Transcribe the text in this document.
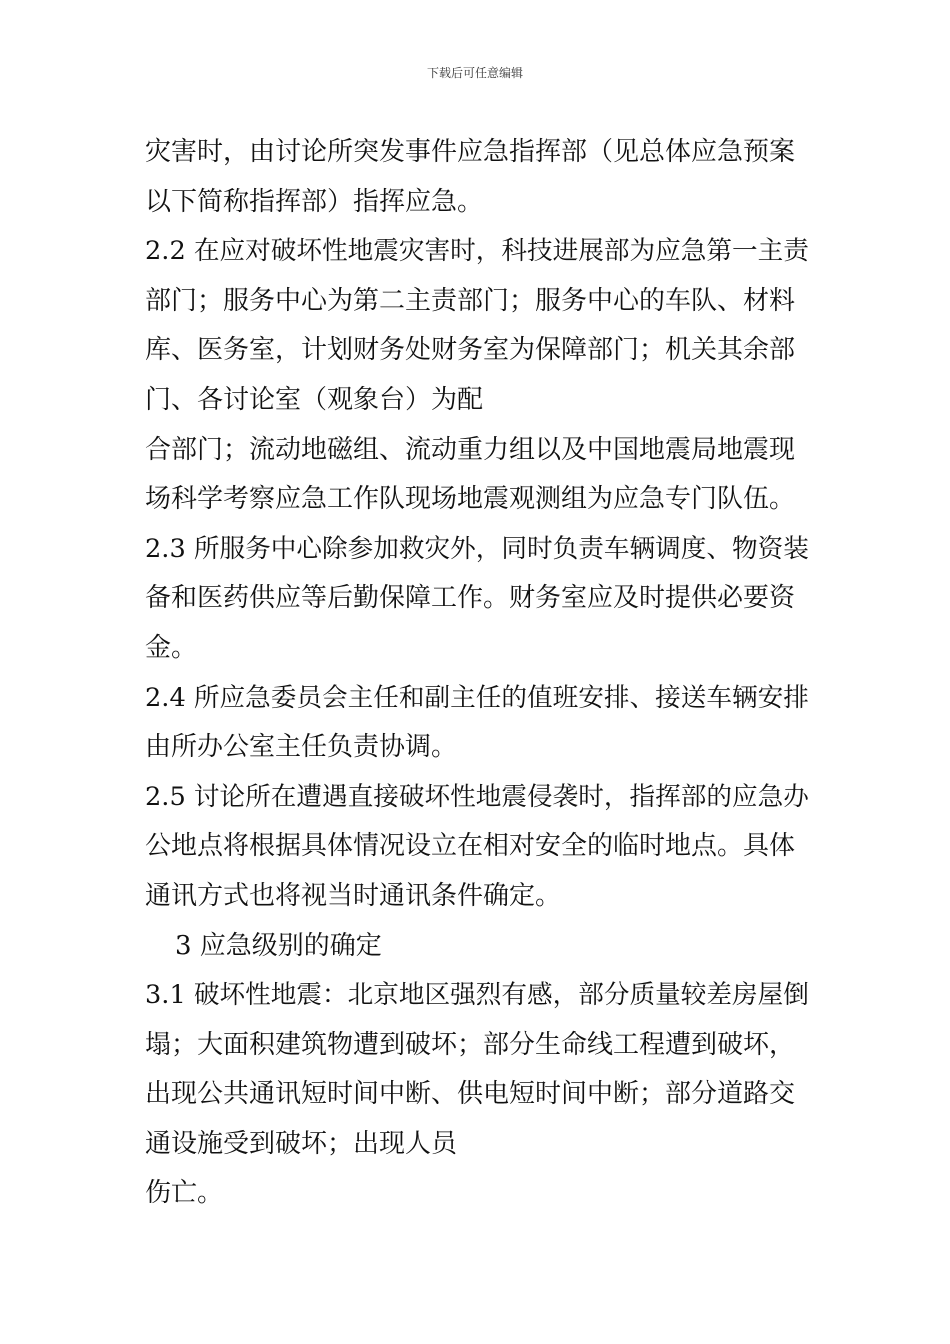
下载后可任意编辑
灾害时，由讨论所突发事件应急指挥部（见总体应急预案
以下简称指挥部）指挥应急。
2.2 在应对破坏性地震灾害时，科技进展部为应急第一主责
部门；服务中心为第二主责部门；服务中心的车队、材料
库、医务室，计划财务处财务室为保障部门；机关其余部
门、各讨论室（观象台）为配
合部门；流动地磁组、流动重力组以及中国地震局地震现
场科学考察应急工作队现场地震观测组为应急专门队伍。
2.3 所服务中心除参加救灾外，同时负责车辆调度、物资装
备和医药供应等后勤保障工作。财务室应及时提供必要资
金。
2.4 所应急委员会主任和副主任的值班安排、接送车辆安排
由所办公室主任负责协调。
2.5 讨论所在遭遇直接破坏性地震侵袭时，指挥部的应急办
公地点将根据具体情况设立在相对安全的临时地点。具体
通讯方式也将视当时通讯条件确定。
3 应急级别的确定
3.1 破坏性地震：北京地区强烈有感，部分质量较差房屋倒
塌；大面积建筑物遭到破坏；部分生命线工程遭到破坏，
出现公共通讯短时间中断、供电短时间中断；部分道路交
通设施受到破坏；出现人员
伤亡。
